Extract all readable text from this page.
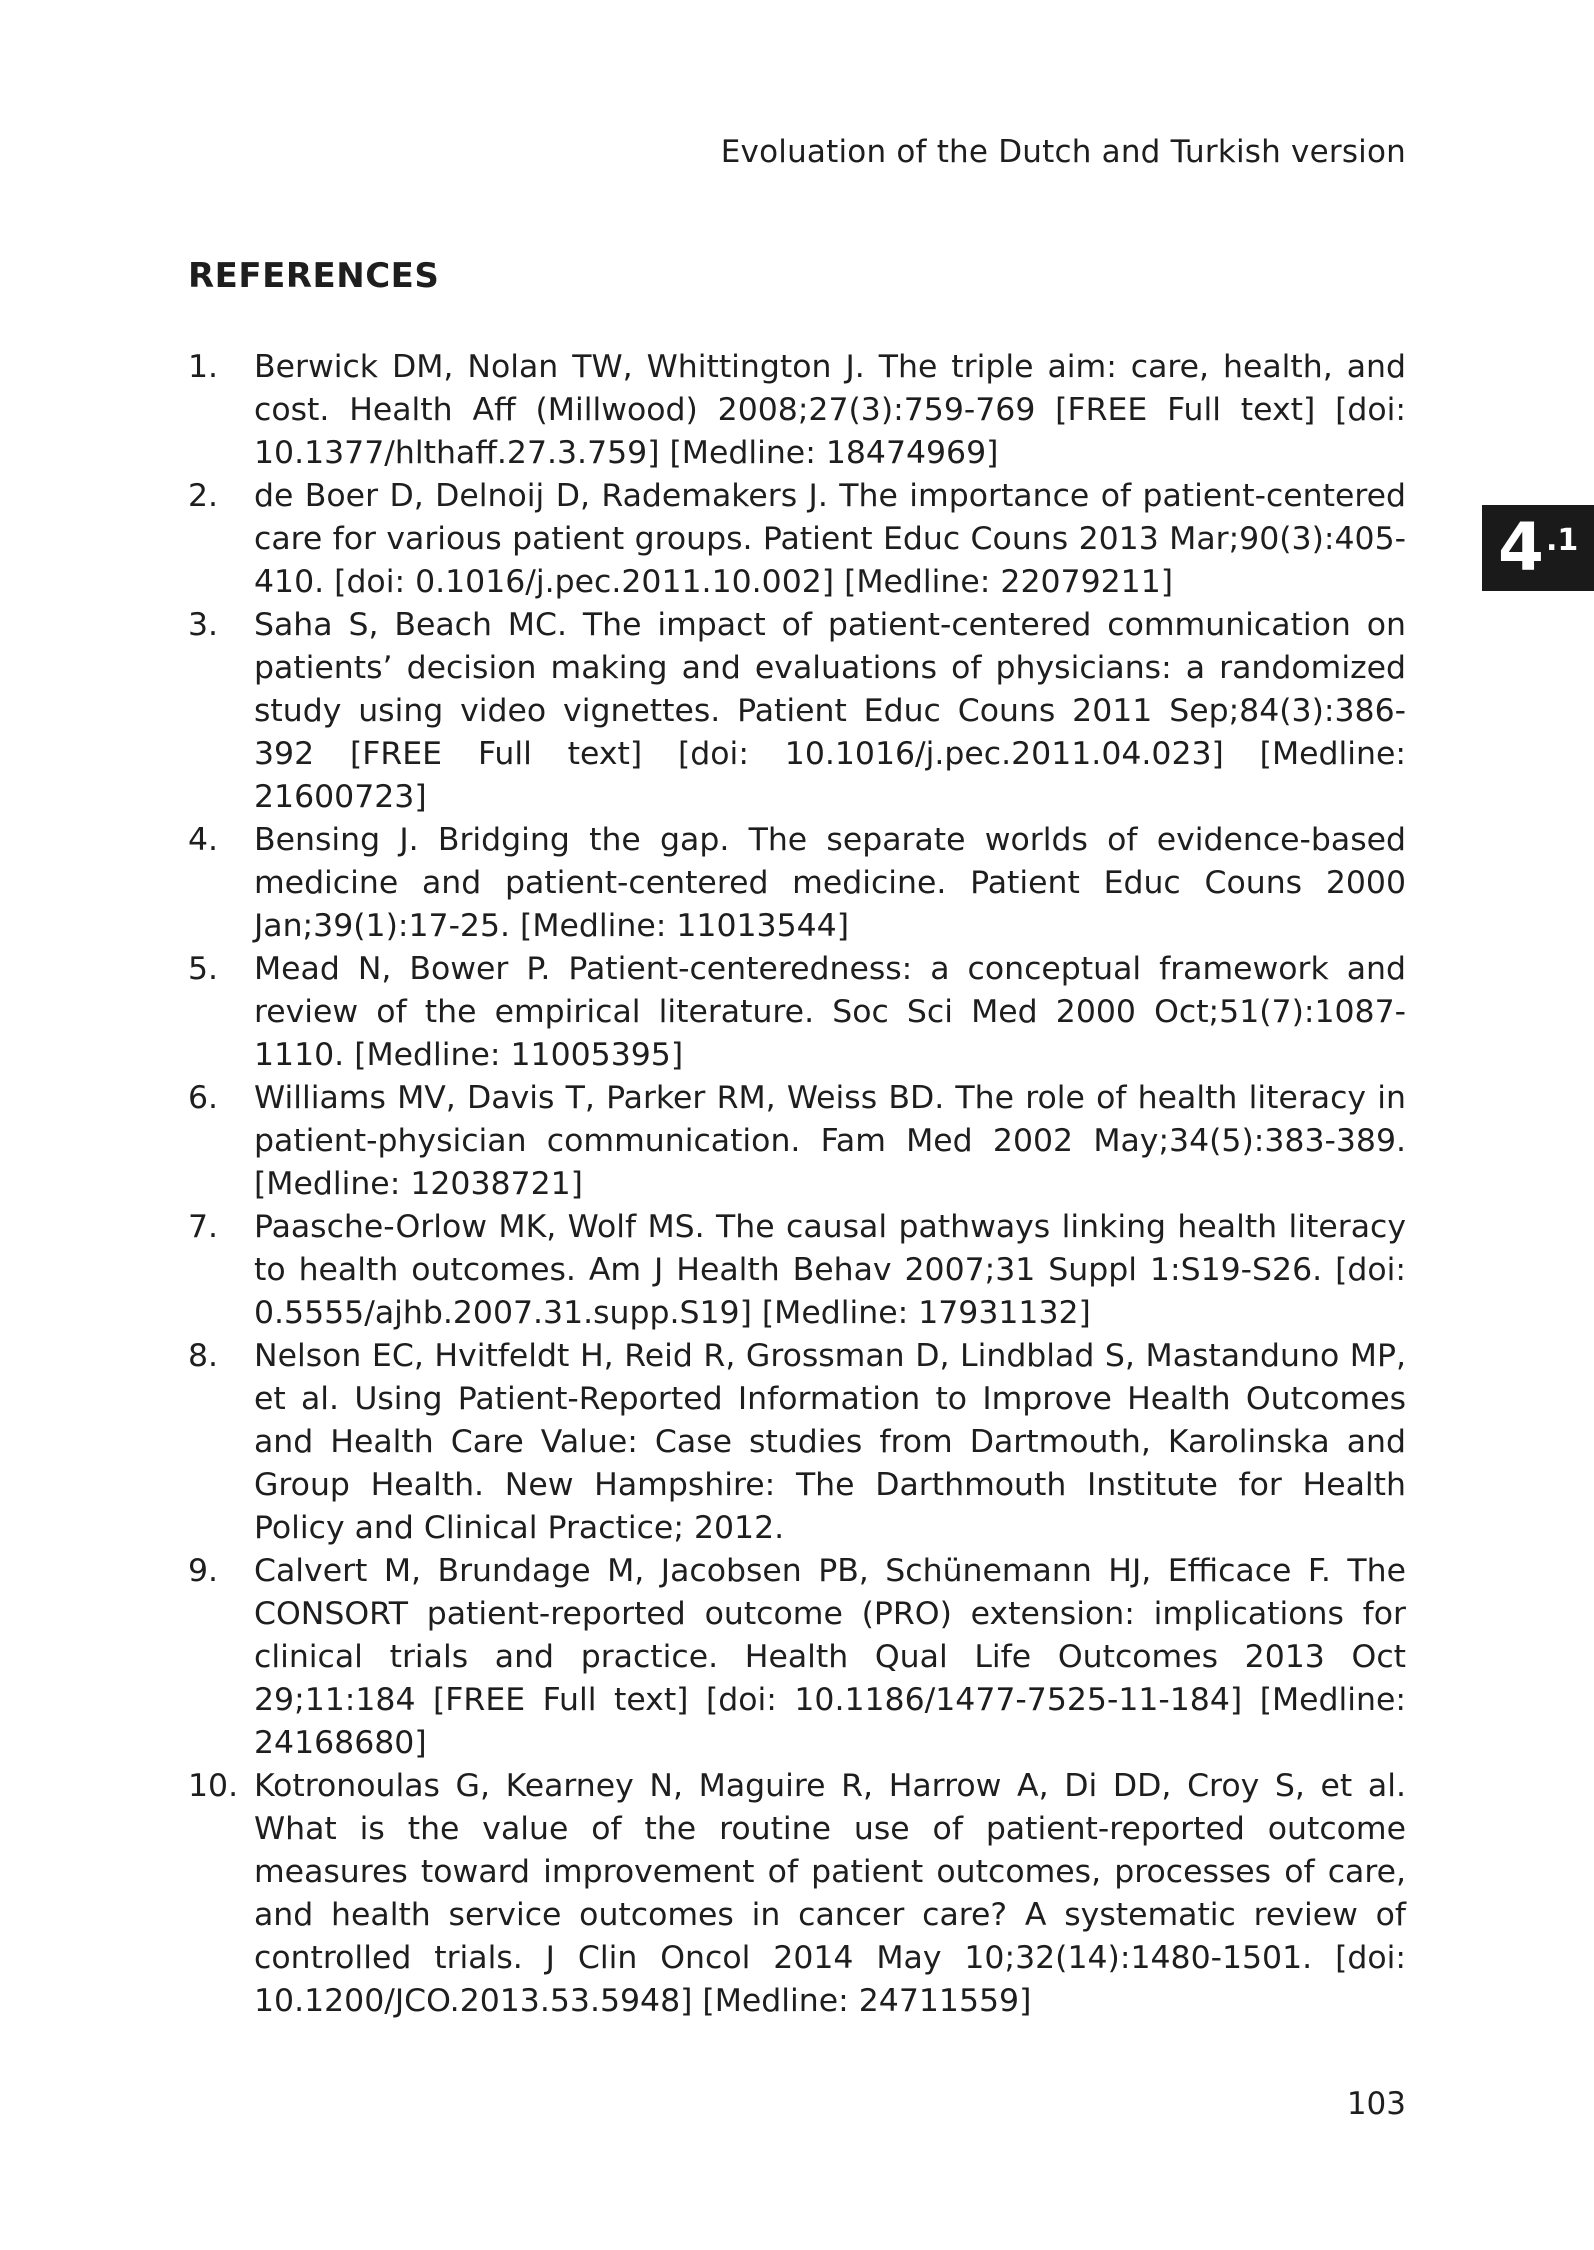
Evoluation of the Dutch and Turkish version
REFERENCES
1.	Berwick DM, Nolan TW, Whittington J. The triple aim: care, health, and cost. Health Aff (Millwood) 2008;27(3):759-769 [FREE Full text] [doi: 10.1377/hlthaff.27.3.759] [Medline: 18474969]
2.	de Boer D, Delnoij D, Rademakers J. The importance of patient-centered care for various patient groups. Patient Educ Couns 2013 Mar;90(3):405-410. [doi: 0.1016/j.pec.2011.10.002] [Medline: 22079211]
3.	Saha S, Beach MC. The impact of patient-centered communication on patients’ decision making and evaluations of physicians: a randomized study using video vignettes. Patient Educ Couns 2011 Sep;84(3):386-392 [FREE Full text] [doi: 10.1016/j.pec.2011.04.023] [Medline: 21600723]
4.	Bensing J. Bridging the gap. The separate worlds of evidence-based medicine and patient-centered medicine. Patient Educ Couns 2000 Jan;39(1):17-25. [Medline: 11013544]
5.	Mead N, Bower P. Patient-centeredness: a conceptual framework and review of the empirical literature. Soc Sci Med 2000 Oct;51(7):1087-1110. [Medline: 11005395]
6.	Williams MV, Davis T, Parker RM, Weiss BD. The role of health literacy in patient-physician communication. Fam Med 2002 May;34(5):383-389. [Medline: 12038721]
7.	Paasche-Orlow MK, Wolf MS. The causal pathways linking health literacy to health outcomes. Am J Health Behav 2007;31 Suppl 1:S19-S26. [doi: 0.5555/ajhb.2007.31.supp.S19] [Medline: 17931132]
8.	Nelson EC, Hvitfeldt H, Reid R, Grossman D, Lindblad S, Mastanduno MP, et al. Using Patient-Reported Information to Improve Health Outcomes and Health Care Value: Case studies from Dartmouth, Karolinska and Group Health. New Hampshire: The Darthmouth Institute for Health Policy and Clinical Practice; 2012.
9.	Calvert M, Brundage M, Jacobsen PB, Schünemann HJ, Efficace F. The CONSORT patient-reported outcome (PRO) extension: implications for clinical trials and practice. Health Qual Life Outcomes 2013 Oct 29;11:184 [FREE Full text] [doi: 10.1186/1477-7525-11-184] [Medline: 24168680]
10. Kotronoulas G, Kearney N, Maguire R, Harrow A, Di DD, Croy S, et al. What is the value of the routine use of patient-reported outcome measures toward improvement of patient outcomes, processes of care, and health service outcomes in cancer care? A systematic review of controlled trials. J Clin Oncol 2014 May 10;32(14):1480-1501. [doi: 10.1200/JCO.2013.53.5948] [Medline: 24711559]
4 .1
103
